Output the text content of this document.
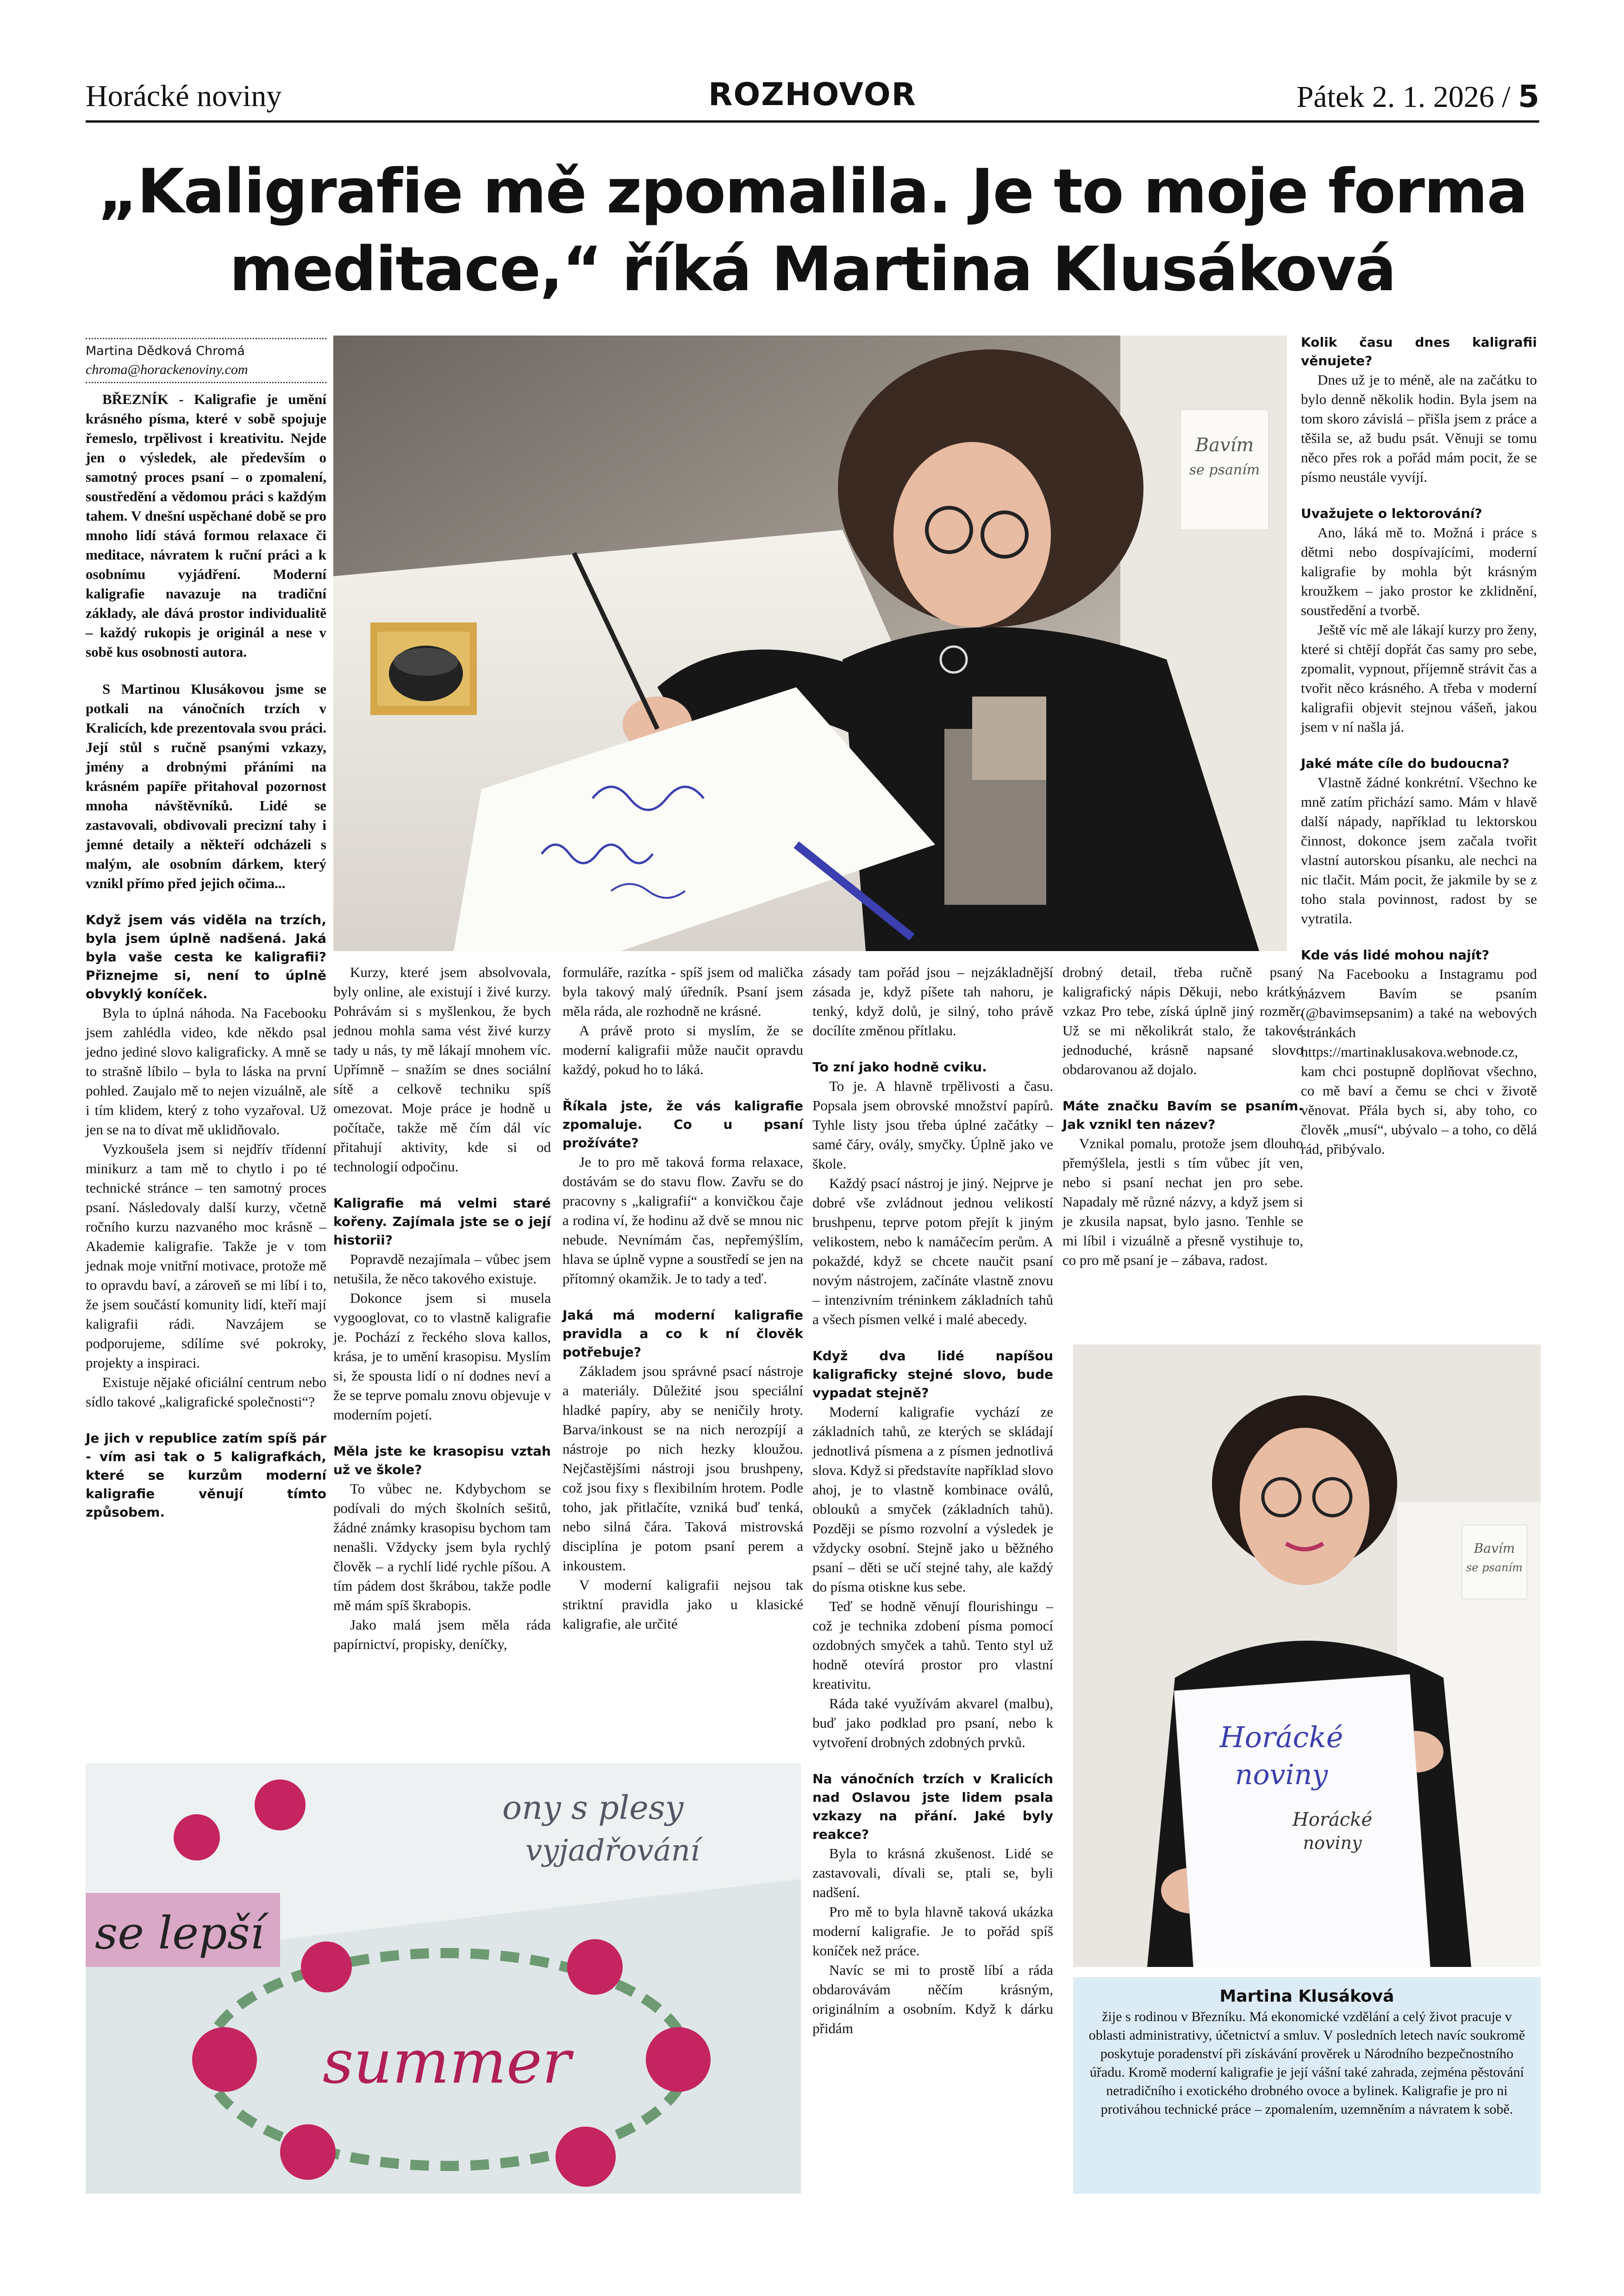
Horácké noviny	ROZHOVOR	Pátek 2. 1. 2026 / 5
„Kaligrafie mě zpomalila. Je to moje forma
meditace,“ říká Martina Klusáková
Martina Dědková Chromá
chroma@horackenoviny.com

BŘEZNÍK - Kaligrafie je umění krásného písma, které v sobě spojuje řemeslo, trpělivost i kreativitu. Nejde jen o výsledek, ale především o samotný proces psaní – o zpomalení, soustředění a vědomou práci s každým tahem. V dnešní uspěchané době se pro mnoho lidí stává formou relaxace či meditace, návratem k ruční práci a k osobnímu vyjádření. Moderní kaligrafie navazuje na tradiční základy, ale dává prostor individualitě – každý rukopis je originál a nese v sobě kus osobnosti autora.

S Martinou Klusákovou jsme se potkali na vánočních trzích v Kralicích, kde prezentovala svou práci. Její stůl s ručně psanými vzkazy, jmény a drobnými přáními na krásném papíře přitahoval pozornost mnoha návštěvníků. Lidé se zastavovali, obdivovali precizní tahy i jemné detaily a někteří odcházeli s malým, ale osobním dárkem, který vznikl přímo před jejich očima...

Když jsem vás viděla na trzích, byla jsem úplně nadšená. Jaká byla vaše cesta ke kaligrafii? Přiznejme si, není to úplně obvyklý koníček.

Byla to úplná náhoda. Na Facebooku jsem zahlédla video, kde někdo psal jedno jediné slovo kaligraficky. A mně se to strašně líbilo – byla to láska na první pohled. Zaujalo mě to nejen vizuálně, ale i tím klidem, který z toho vyzařoval. Už jen se na to dívat mě uklidňovalo.

Vyzkoušela jsem si nejdřív třídenní minikurz a tam mě to chytlo i po té technické stránce – ten samotný proces psaní. Následovaly další kurzy, včetně ročního kurzu nazvaného moc krásně – Akademie kaligrafie. Takže je v tom jednak moje vnitřní motivace, protože mě to opravdu baví, a zároveň se mi líbí i to, že jsem součástí komunity lidí, kteří mají kaligrafii rádi. Navzájem se podporujeme, sdílíme své pokroky, projekty a inspiraci.

Existuje nějaké oficiální centrum nebo sídlo takové „kaligrafické společnosti“?

Je jich v republice zatím spíš pár - vím asi tak o 5 kaligrafkách, které se kurzům moderní kaligrafie věnují tímto způsobem.

Bavím
se psaním

Kurzy, které jsem absolvovala, byly online, ale existují i živé kurzy. Pohrávám si s myšlenkou, že bych jednou mohla sama vést živé kurzy tady u nás, ty mě lákají mnohem víc. Upřímně – snažím se dnes sociální sítě a celkově techniku spíš omezovat. Moje práce je hodně u počítače, takže mě čím dál víc přitahují aktivity, kde si od technologií odpočinu.

Kaligrafie má velmi staré kořeny. Zajímala jste se o její historii?

Popravdě nezajímala – vůbec jsem netušila, že něco takového existuje.

Dokonce jsem si musela vygooglovat, co to vlastně kaligrafie je. Pochází z řeckého slova kallos, krása, je to umění krasopisu. Myslím si, že spousta lidí o ní dodnes neví a že se teprve pomalu znovu objevuje v moderním pojetí.

Měla jste ke krasopisu vztah už ve škole?

To vůbec ne. Kdybychom se podívali do mých školních sešitů, žádné známky krasopisu bychom tam nenašli. Vždycky jsem byla rychlý člověk – a rychlí lidé rychle píšou. A tím pádem dost škrábou, takže podle mě mám spíš škrabopis.

Jako malá jsem měla ráda papírnictví, propisky, deníčky,

formuláře, razítka - spíš jsem od malička byla takový malý úředník. Psaní jsem měla ráda, ale rozhodně ne krásné.

A právě proto si myslím, že se moderní kaligrafii může naučit opravdu každý, pokud ho to láká.

Říkala jste, že vás kaligrafie zpomaluje. Co u psaní prožíváte?

Je to pro mě taková forma relaxace, dostávám se do stavu flow. Zavřu se do pracovny s „kaligrafií“ a konvičkou čaje a rodina ví, že hodinu až dvě se mnou nic nebude. Nevnímám čas, nepřemýšlím, hlava se úplně vypne a soustředí se jen na přítomný okamžik. Je to tady a teď.

Jaká má moderní kaligrafie pravidla a co k ní člověk potřebuje?

Základem jsou správné psací nástroje a materiály. Důležité jsou speciální hladké papíry, aby se neničily hroty. Barva/inkoust se na nich nerozpíjí a nástroje po nich hezky kloužou. Nejčastějšími nástroji jsou brushpeny, což jsou fixy s flexibilním hrotem. Podle toho, jak přitlačíte, vzniká buď tenká, nebo silná čára. Taková mistrovská disciplína je potom psaní perem a inkoustem.

V moderní kaligrafii nejsou tak striktní pravidla jako u klasické kaligrafie, ale určité

zásady tam pořád jsou – nejzákladnější zásada je, když píšete tah nahoru, je tenký, když dolů, je silný, toho právě docílíte změnou přítlaku.

To zní jako hodně cviku.

To je. A hlavně trpělivosti a času. Popsala jsem obrovské množství papírů. Tyhle listy jsou třeba úplné začátky – samé čáry, ovály, smyčky. Úplně jako ve škole.

Každý psací nástroj je jiný. Nejprve je dobré vše zvládnout jednou velikostí brushpenu, teprve potom přejít k jiným velikostem, nebo k namáčecím perům. A pokaždé, když se chcete naučit psaní novým nástrojem, začínáte vlastně znovu – intenzivním tréninkem základních tahů a všech písmen velké i malé abecedy.

Když dva lidé napíšou kaligraficky stejné slovo, bude vypadat stejně?

Moderní kaligrafie vychází ze základních tahů, ze kterých se skládají jednotlivá písmena a z písmen jednotlivá slova. Když si představíte například slovo ahoj, je to vlastně kombinace oválů, oblouků a smyček (základních tahů). Později se písmo rozvolní a výsledek je vždycky osobní. Stejně jako u běžného psaní – děti se učí stejné tahy, ale každý do písma otiskne kus sebe.

Teď se hodně věnují flourishingu – což je technika zdobení písma pomocí ozdobných smyček a tahů. Tento styl už hodně otevírá prostor pro vlastní kreativitu.

Ráda také využívám akvarel (malbu), buď jako podklad pro psaní, nebo k vytvoření drobných zdobných prvků.

Na vánočních trzích v Kralicích nad Oslavou jste lidem psala vzkazy na přání. Jaké byly reakce?

Byla to krásná zkušenost. Lidé se zastavovali, dívali se, ptali se, byli nadšení.

Pro mě to byla hlavně taková ukázka moderní kaligrafie. Je to pořád spíš koníček než práce.

Navíc se mi to prostě líbí a ráda obdarovávám něčím krásným, originálním a osobním. Když k dárku přidám

drobný detail, třeba ručně psaný kaligrafický nápis Děkuji, nebo krátký vzkaz Pro tebe, získá úplně jiný rozměr. Už se mi několikrát stalo, že takové jednoduché, krásně napsané slovo obdarovanou až dojalo.

Máte značku Bavím se psaním. Jak vznikl ten název?

Vznikal pomalu, protože jsem dlouho přemýšlela, jestli s tím vůbec jít ven, nebo si psaní nechat jen pro sebe. Napadaly mě různé názvy, a když jsem si je zkusila napsat, bylo jasno. Tenhle se mi líbil i vizuálně a přesně vystihuje to, co pro mě psaní je – zábava, radost.

Kolik času dnes kaligrafii věnujete?

Dnes už je to méně, ale na začátku to bylo denně několik hodin. Byla jsem na tom skoro závislá – přišla jsem z práce a těšila se, až budu psát. Věnuji se tomu něco přes rok a pořád mám pocit, že se písmo neustále vyvíjí.

Uvažujete o lektorování?

Ano, láká mě to. Možná i práce s dětmi nebo dospívajícími, moderní kaligrafie by mohla být krásným kroužkem – jako prostor ke zklidnění, soustředění a tvorbě.

Ještě víc mě ale lákají kurzy pro ženy, které si chtějí dopřát čas samy pro sebe, zpomalit, vypnout, příjemně strávit čas a tvořit něco krásného. A třeba v moderní kaligrafii objevit stejnou vášeň, jakou jsem v ní našla já.

Jaké máte cíle do budoucna?

Vlastně žádné konkrétní. Všechno ke mně zatím přichází samo. Mám v hlavě další nápady, například tu lektorskou činnost, dokonce jsem začala tvořit vlastní autorskou písanku, ale nechci na nic tlačit. Mám pocit, že jakmile by se z toho stala povinnost, radost by se vytratila.

Kde vás lidé mohou najít?

Na Facebooku a Instagramu pod názvem Bavím se psaním (@bavimsepsanim) a také na webových stránkách https://martinaklusakova.webnode.cz, kam chci postupně doplňovat všechno, co mě baví a čemu se chci v životě věnovat. Přála bych si, aby toho, co člověk „musí“, ubývalo – a toho, co dělá rád, přibývalo.

ony s plesy
vyjadřování
se lepší
summer
Bavím
se psaním
Horácké
noviny
Horácké
noviny
Martina Klusáková

žije s rodinou v Březníku. Má ekonomické vzdělání a celý život pracuje v oblasti administrativy, účetnictví a smluv. V posledních letech navíc soukromě poskytuje poradenství při získávání prověrek u Národního bezpečnostního úřadu. Kromě moderní kaligrafie je její vášní také zahrada, zejména pěstování netradičního i exotického drobného ovoce a bylinek. Kaligrafie je pro ni protiváhou technické práce – zpomalením, uzemněním a návratem k sobě.
